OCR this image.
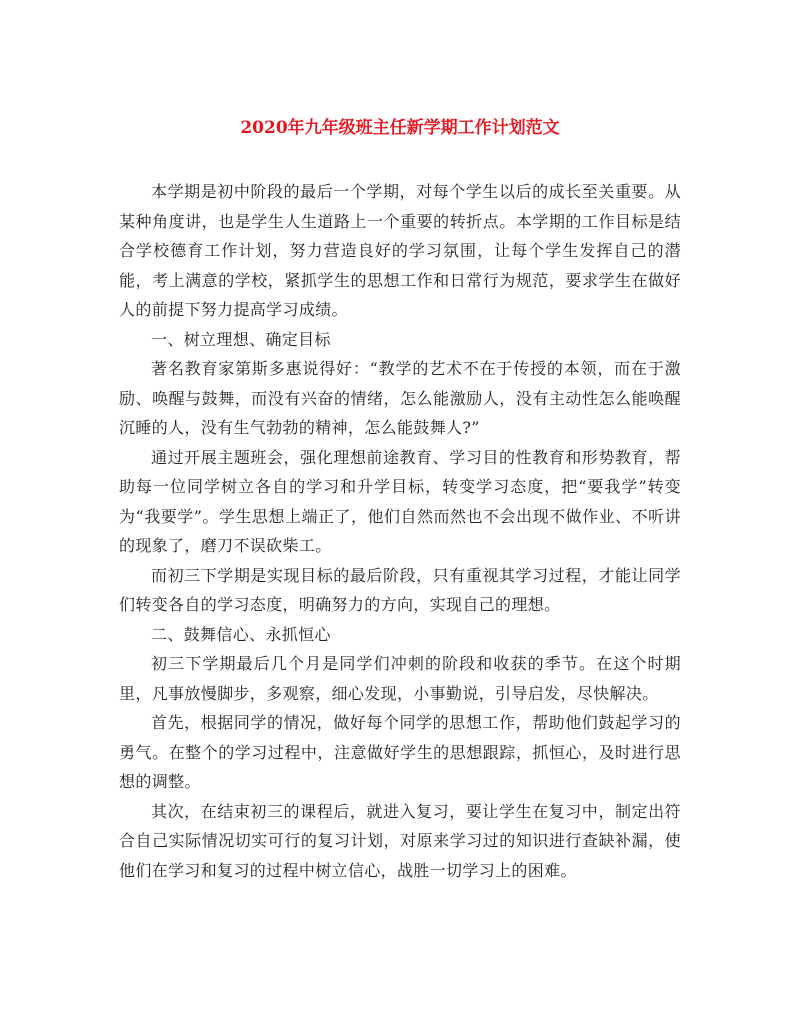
2020年九年级班主任新学期工作计划范文

本学期是初中阶段的最后一个学期，对每个学生以后的成长至关重要。从某种角度讲，也是学生人生道路上一个重要的转折点。本学期的工作目标是结合学校德育工作计划，努力营造良好的学习氛围，让每个学生发挥自己的潜能，考上满意的学校，紧抓学生的思想工作和日常行为规范，要求学生在做好人的前提下努力提高学习成绩。

一、树立理想、确定目标

著名教育家第斯多惠说得好：“教学的艺术不在于传授的本领，而在于激励、唤醒与鼓舞，而没有兴奋的情绪，怎么能激励人，没有主动性怎么能唤醒沉睡的人，没有生气勃勃的精神，怎么能鼓舞人?”

通过开展主题班会，强化理想前途教育、学习目的性教育和形势教育，帮助每一位同学树立各自的学习和升学目标，转变学习态度，把“要我学”转变为“我要学”。学生思想上端正了，他们自然而然也不会出现不做作业、不听讲的现象了，磨刀不误砍柴工。

而初三下学期是实现目标的最后阶段，只有重视其学习过程，才能让同学们转变各自的学习态度，明确努力的方向，实现自己的理想。

二、鼓舞信心、永抓恒心

初三下学期最后几个月是同学们冲刺的阶段和收获的季节。在这个时期里，凡事放慢脚步，多观察，细心发现，小事勤说，引导启发，尽快解决。

首先，根据同学的情况，做好每个同学的思想工作，帮助他们鼓起学习的勇气。在整个的学习过程中，注意做好学生的思想跟踪，抓恒心，及时进行思想的调整。

其次，在结束初三的课程后，就进入复习，要让学生在复习中，制定出符合自己实际情况切实可行的复习计划，对原来学习过的知识进行查缺补漏，使他们在学习和复习的过程中树立信心，战胜一切学习上的困难。
